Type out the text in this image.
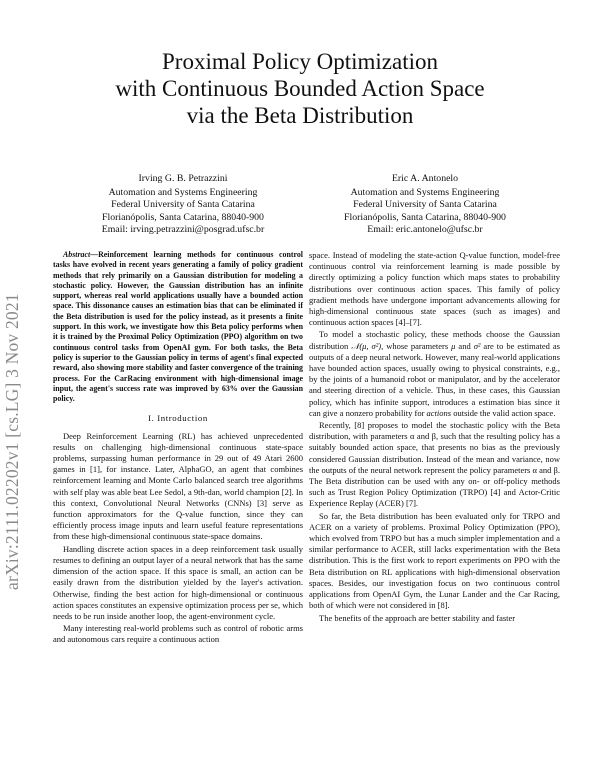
arXiv:2111.02202v1 [cs.LG] 3 Nov 2021
Proximal Policy Optimization
with Continuous Bounded Action Space
via the Beta Distribution
Irving G. B. Petrazzini
Automation and Systems Engineering
Federal University of Santa Catarina
Florianópolis, Santa Catarina, 88040-900
Email: irving.petrazzini@posgrad.ufsc.br
Eric A. Antonelo
Automation and Systems Engineering
Federal University of Santa Catarina
Florianópolis, Santa Catarina, 88040-900
Email: eric.antonelo@ufsc.br

Abstract—Reinforcement learning methods for continuous control tasks have evolved in recent years generating a family of policy gradient methods that rely primarily on a Gaussian distribution for modeling a stochastic policy. However, the Gaussian distribution has an infinite support, whereas real world applications usually have a bounded action space. This dissonance causes an estimation bias that can be eliminated if the Beta distribution is used for the policy instead, as it presents a finite support. In this work, we investigate how this Beta policy performs when it is trained by the Proximal Policy Optimization (PPO) algorithm on two continuous control tasks from OpenAI gym. For both tasks, the Beta policy is superior to the Gaussian policy in terms of agent's final expected reward, also showing more stability and faster convergence of the training process. For the CarRacing environment with high-dimensional image input, the agent's success rate was improved by 63% over the Gaussian policy.

I. Introduction

Deep Reinforcement Learning (RL) has achieved unprecedented results on challenging high-dimensional continuous state-space problems, surpassing human performance in 29 out of 49 Atari 2600 games in [1], for instance. Later, AlphaGO, an agent that combines reinforcement learning and Monte Carlo balanced search tree algorithms with self play was able beat Lee Sedol, a 9th-dan, world champion [2]. In this context, Convolutional Neural Networks (CNNs) [3] serve as function approximators for the Q-value function, since they can efficiently process image inputs and learn useful feature representations from these high-dimensional continuous state-space domains.

Handling discrete action spaces in a deep reinforcement task usually resumes to defining an output layer of a neural network that has the same dimension of the action space. If this space is small, an action can be easily drawn from the distribution yielded by the layer's activation. Otherwise, finding the best action for high-dimensional or continuous action spaces constitutes an expensive optimization process per se, which needs to be run inside another loop, the agent-environment cycle.

Many interesting real-world problems such as control of robotic arms and autonomous cars require a continuous action

space. Instead of modeling the state-action Q-value function, model-free continuous control via reinforcement learning is made possible by directly optimizing a policy function which maps states to probability distributions over continuous action spaces. This family of policy gradient methods have undergone important advancements allowing for high-dimensional continuous state spaces (such as images) and continuous action spaces [4]–[7].

To model a stochastic policy, these methods choose the Gaussian distribution 𝒩(μ, σ²), whose parameters μ and σ² are to be estimated as outputs of a deep neural network. However, many real-world applications have bounded action spaces, usually owing to physical constraints, e.g., by the joints of a humanoid robot or manipulator, and by the accelerator and steering direction of a vehicle. Thus, in these cases, this Gaussian policy, which has infinite support, introduces a estimation bias since it can give a nonzero probability for actions outside the valid action space.

Recently, [8] proposes to model the stochastic policy with the Beta distribution, with parameters α and β, such that the resulting policy has a suitably bounded action space, that presents no bias as the previously considered Gaussian distribution. Instead of the mean and variance, now the outputs of the neural network represent the policy parameters α and β. The Beta distribution can be used with any on- or off-policy methods such as Trust Region Policy Optimization (TRPO) [4] and Actor-Critic Experience Replay (ACER) [7].

So far, the Beta distribution has been evaluated only for TRPO and ACER on a variety of problems. Proximal Policy Optimization (PPO), which evolved from TRPO but has a much simpler implementation and a similar performance to ACER, still lacks experimentation with the Beta distribution. This is the first work to report experiments on PPO with the Beta distribution on RL applications with high-dimensional observation spaces. Besides, our investigation focus on two continuous control applications from OpenAI Gym, the Lunar Lander and the Car Racing, both of which were not considered in [8].

The benefits of the approach are better stability and faster
